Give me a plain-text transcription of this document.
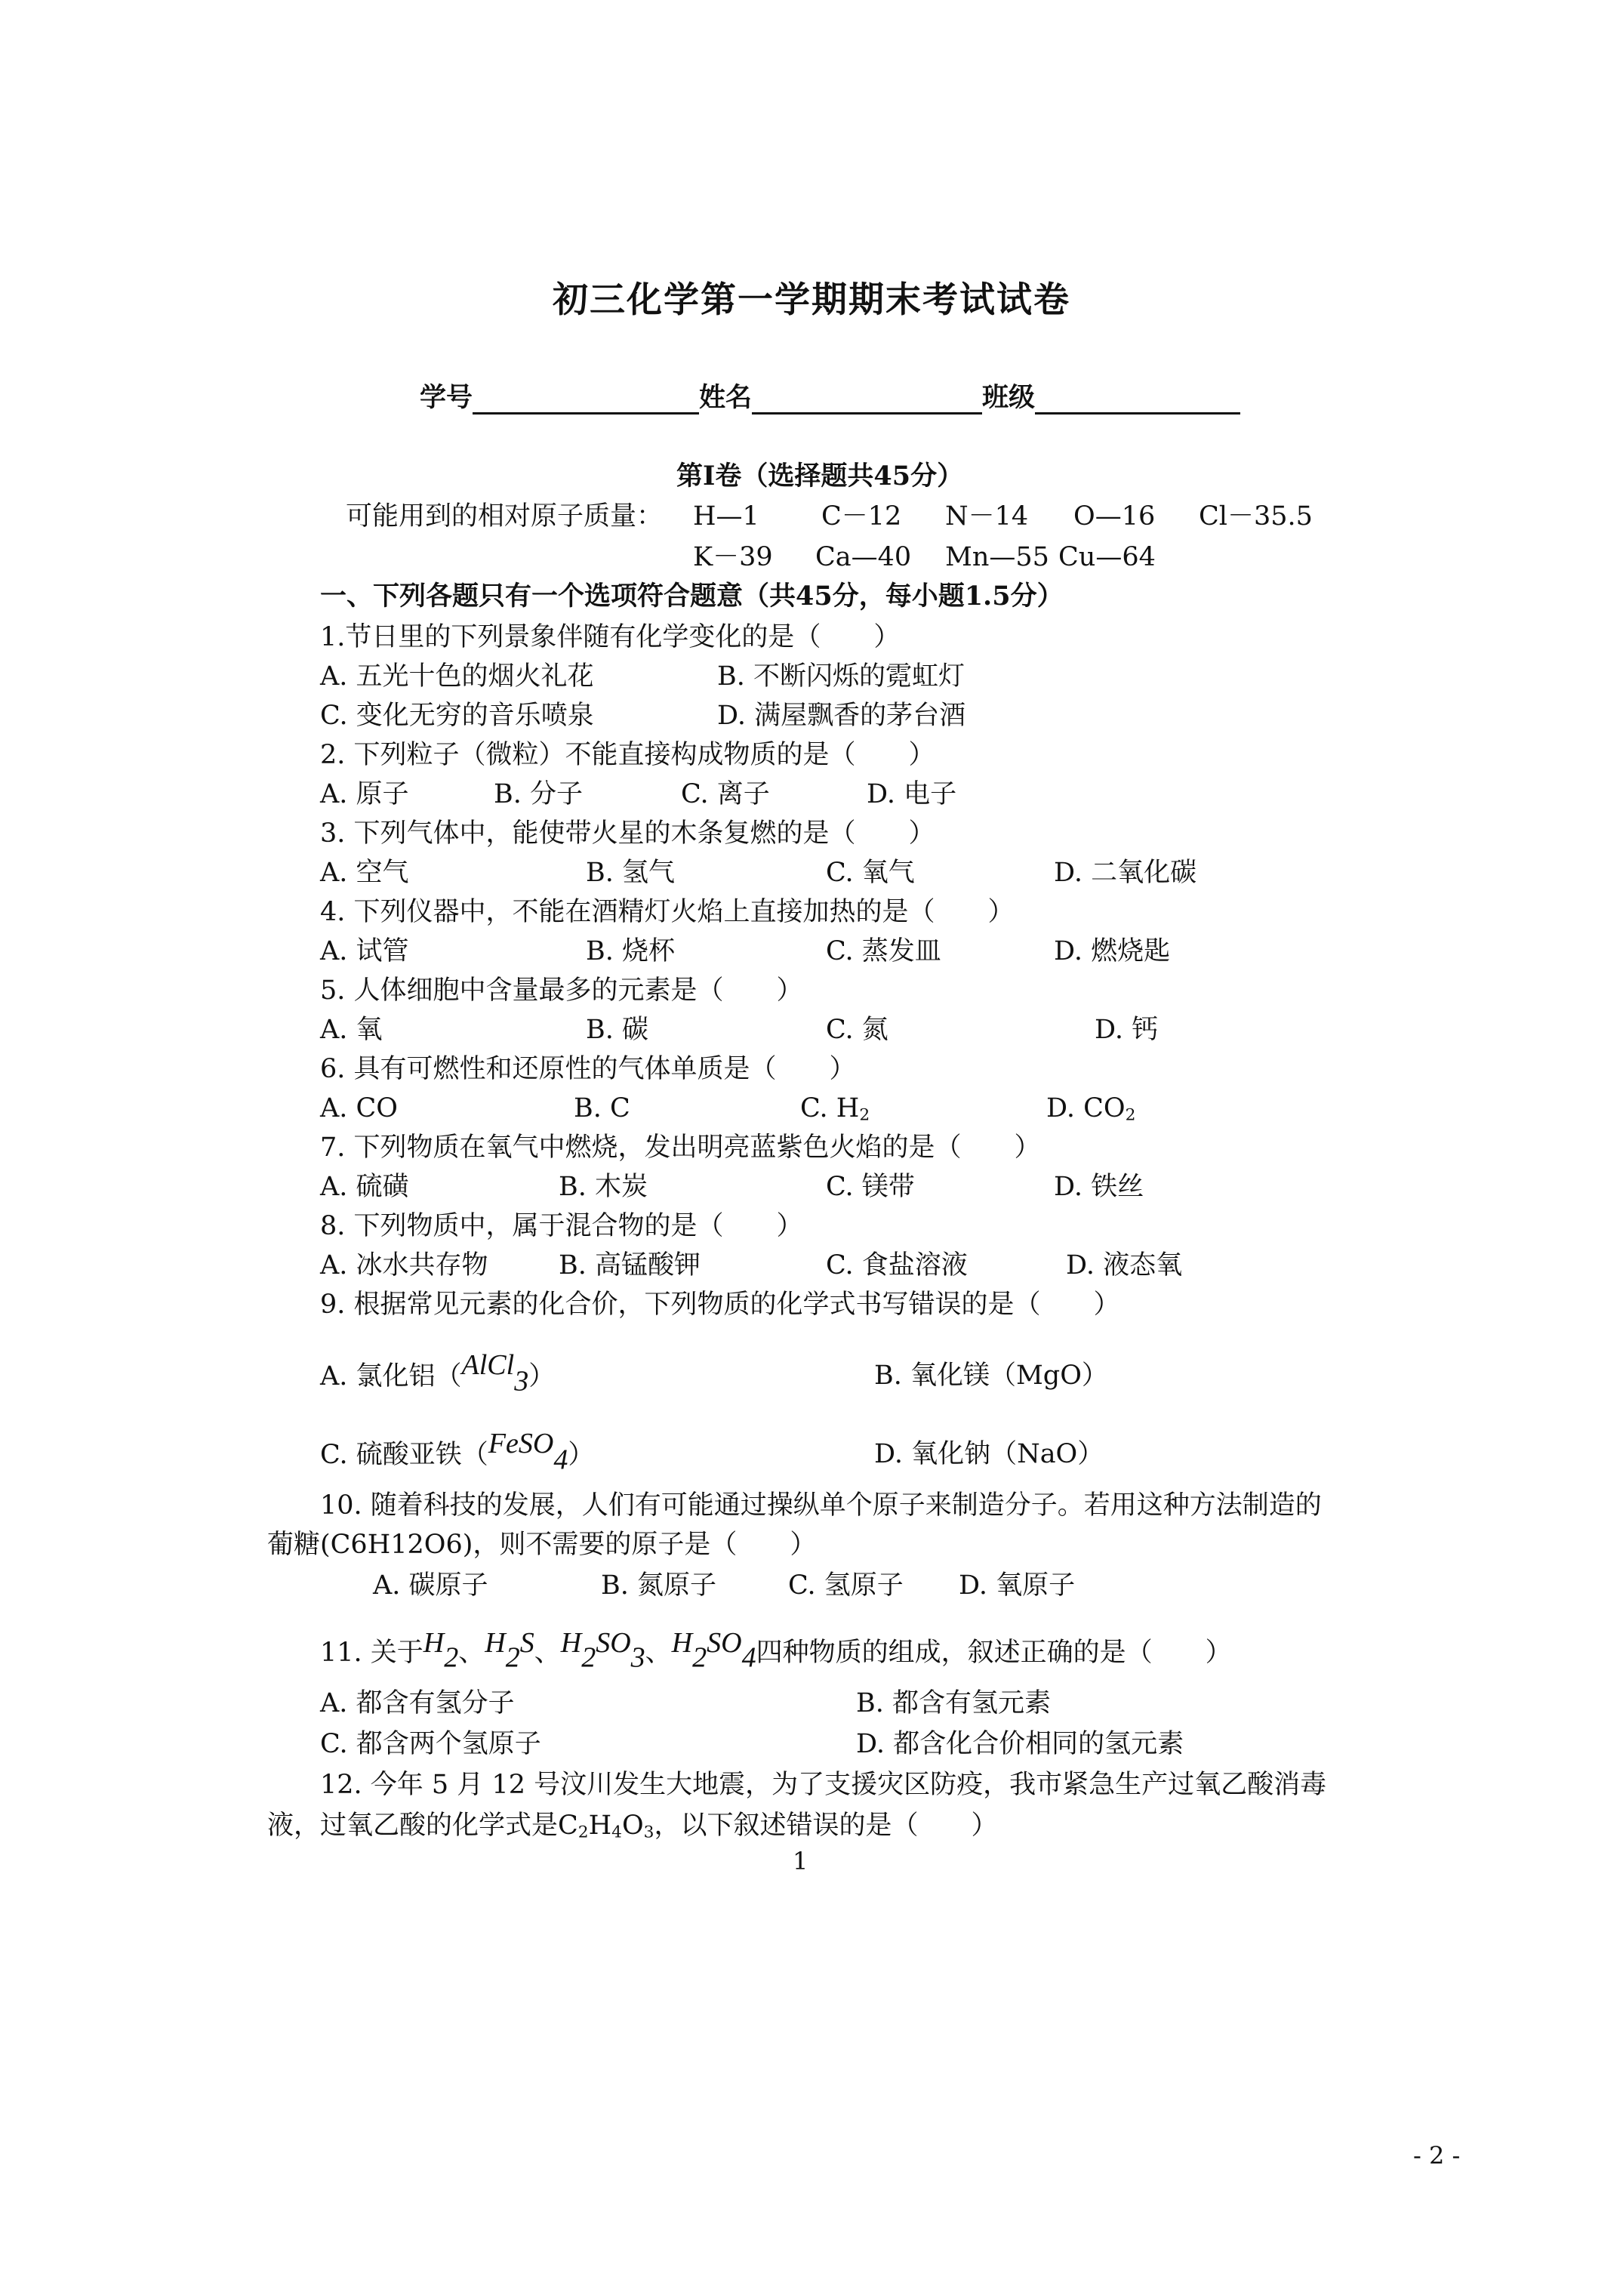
初三化学第一学期期末考试试卷
学号	姓名	班级
第Ⅰ卷（选择题共45分）
可能用到的相对原子质量： H—1 C－12 N－14 O—16 Cl－35.5
K－39 Ca—40 Mn—55 Cu—64
一、下列各题只有一个选项符合题意（共45分，每小题1.5分）
1.节日里的下列景象伴随有化学变化的是（　　）
A. 五光十色的烟火礼花	B. 不断闪烁的霓虹灯
C. 变化无穷的音乐喷泉	D. 满屋飘香的茅台酒
2. 下列粒子（微粒）不能直接构成物质的是（　　）
A. 原子	B. 分子	C. 离子	D. 电子
3. 下列气体中，能使带火星的木条复燃的是（　　）
A. 空气	B. 氢气	C. 氧气	D. 二氧化碳
4. 下列仪器中，不能在酒精灯火焰上直接加热的是（　　）
A. 试管	B. 烧杯	C. 蒸发皿	D. 燃烧匙
5. 人体细胞中含量最多的元素是（　　）
A. 氧	B. 碳	C. 氮	D. 钙
6. 具有可燃性和还原性的气体单质是（　　）
A. CO	B. C	C. $H_2$	D. $CO_2$
7. 下列物质在氧气中燃烧，发出明亮蓝紫色火焰的是（　　）
A. 硫磺	B. 木炭	C. 镁带	D. 铁丝
8. 下列物质中，属于混合物的是（　　）
A. 冰水共存物	B. 高锰酸钾	C. 食盐溶液	D. 液态氧
9. 根据常见元素的化合价，下列物质的化学式书写错误的是（　　）
A. 氯化铝（AlCl$_3$）	B. 氧化镁（MgO）
C. 硫酸亚铁（FeSO$_4$）	D. 氧化钠（NaO）
10. 随着科技的发展，人们有可能通过操纵单个原子来制造分子。若用这种方法制造的
葡糖(C6H12O6)，则不需要的原子是（　　）
A. 碳原子	B. 氮原子	C. 氢原子 D. 氧原子
11. 关于$H_2$、$H_2S$、$H_2SO_3$、$H_2SO_4$四种物质的组成，叙述正确的是（　　）
A. 都含有氢分子	B. 都含有氢元素
C. 都含两个氢原子	D. 都含化合价相同的氢元素
12. 今年 5 月 12 号汶川发生大地震，为了支援灾区防疫，我市紧急生产过氧乙酸消毒
液，过氧乙酸的化学式是$C_2H_4O_3$，以下叙述错误的是（　　）
1
- 2 -
